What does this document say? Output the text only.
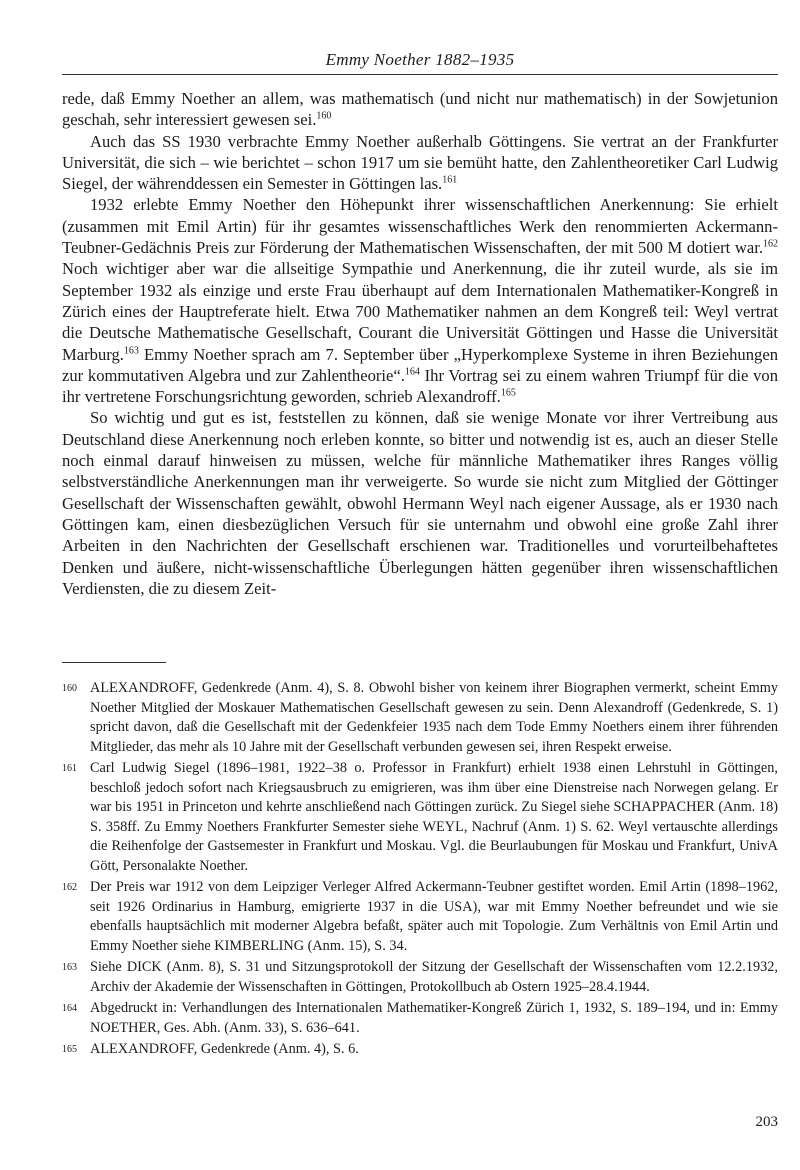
Emmy Noether 1882–1935

rede, daß Emmy Noether an allem, was mathematisch (und nicht nur mathematisch) in der Sowjetunion geschah, sehr interessiert gewesen sei.$^{160}$

Auch das SS 1930 verbrachte Emmy Noether außerhalb Göttingens. Sie vertrat an der Frankfurter Universität, die sich – wie berichtet – schon 1917 um sie bemüht hatte, den Zahlentheoretiker Carl Ludwig Siegel, der währenddessen ein Semester in Göttingen las.$^{161}$

1932 erlebte Emmy Noether den Höhepunkt ihrer wissenschaftlichen Anerkennung: Sie erhielt (zusammen mit Emil Artin) für ihr gesamtes wissenschaftliches Werk den renommierten Ackermann-Teubner-Gedächnis Preis zur Förderung der Mathematischen Wissenschaften, der mit 500 M dotiert war.$^{162}$ Noch wichtiger aber war die allseitige Sympathie und Anerkennung, die ihr zuteil wurde, als sie im September 1932 als einzige und erste Frau überhaupt auf dem Internationalen Mathematiker-Kongreß in Zürich eines der Hauptreferate hielt. Etwa 700 Mathematiker nahmen an dem Kongreß teil: Weyl vertrat die Deutsche Mathematische Gesellschaft, Courant die Universität Göttingen und Hasse die Universität Marburg.$^{163}$ Emmy Noether sprach am 7. September über „Hyperkomplexe Systeme in ihren Beziehungen zur kommutativen Algebra und zur Zahlentheorie“.$^{164}$ Ihr Vortrag sei zu einem wahren Triumpf für die von ihr vertretene Forschungsrichtung geworden, schrieb Alexandroff.$^{165}$

So wichtig und gut es ist, feststellen zu können, daß sie wenige Monate vor ihrer Vertreibung aus Deutschland diese Anerkennung noch erleben konnte, so bitter und notwendig ist es, auch an dieser Stelle noch einmal darauf hinweisen zu müssen, welche für männliche Mathematiker ihres Ranges völlig selbstverständliche Anerkennungen man ihr verweigerte. So wurde sie nicht zum Mitglied der Göttinger Gesellschaft der Wissenschaften gewählt, obwohl Hermann Weyl nach eigener Aussage, als er 1930 nach Göttingen kam, einen diesbezüglichen Versuch für sie unternahm und obwohl eine große Zahl ihrer Arbeiten in den Nachrichten der Gesellschaft erschienen war. Traditionelles und vorurteilbehaftetes Denken und äußere, nicht-wissenschaftliche Überlegungen hätten gegenüber ihren wissenschaftlichen Verdiensten, die zu diesem Zeit-

160 ALEXANDROFF, Gedenkrede (Anm. 4), S. 8. Obwohl bisher von keinem ihrer Biographen vermerkt, scheint Emmy Noether Mitglied der Moskauer Mathematischen Gesellschaft gewesen zu sein. Denn Alexandroff (Gedenkrede, S. 1) spricht davon, daß die Gesellschaft mit der Gedenkfeier 1935 nach dem Tode Emmy Noethers einem ihrer führenden Mitglieder, das mehr als 10 Jahre mit der Gesellschaft verbunden gewesen sei, ihren Respekt erweise.
161 Carl Ludwig Siegel (1896–1981, 1922–38 o. Professor in Frankfurt) erhielt 1938 einen Lehrstuhl in Göttingen, beschloß jedoch sofort nach Kriegsausbruch zu emigrieren, was ihm über eine Dienstreise nach Norwegen gelang. Er war bis 1951 in Princeton und kehrte anschließend nach Göttingen zurück. Zu Siegel siehe SCHAPPACHER (Anm. 18) S. 358ff. Zu Emmy Noethers Frankfurter Semester siehe WEYL, Nachruf (Anm. 1) S. 62. Weyl vertauschte allerdings die Reihenfolge der Gastsemester in Frankfurt und Moskau. Vgl. die Beurlaubungen für Moskau und Frankfurt, UnivA Gött, Personalakte Noether.
162 Der Preis war 1912 von dem Leipziger Verleger Alfred Ackermann-Teubner gestiftet worden. Emil Artin (1898–1962, seit 1926 Ordinarius in Hamburg, emigrierte 1937 in die USA), war mit Emmy Noether befreundet und wie sie ebenfalls hauptsächlich mit moderner Algebra befaßt, später auch mit Topologie. Zum Verhältnis von Emil Artin und Emmy Noether siehe KIMBERLING (Anm. 15), S. 34.
163 Siehe DICK (Anm. 8), S. 31 und Sitzungsprotokoll der Sitzung der Gesellschaft der Wissenschaften vom 12.2.1932, Archiv der Akademie der Wissenschaften in Göttingen, Protokollbuch ab Ostern 1925–28.4.1944.
164 Abgedruckt in: Verhandlungen des Internationalen Mathematiker-Kongreß Zürich 1, 1932, S. 189–194, und in: Emmy NOETHER, Ges. Abh. (Anm. 33), S. 636–641.
165 ALEXANDROFF, Gedenkrede (Anm. 4), S. 6.
203
